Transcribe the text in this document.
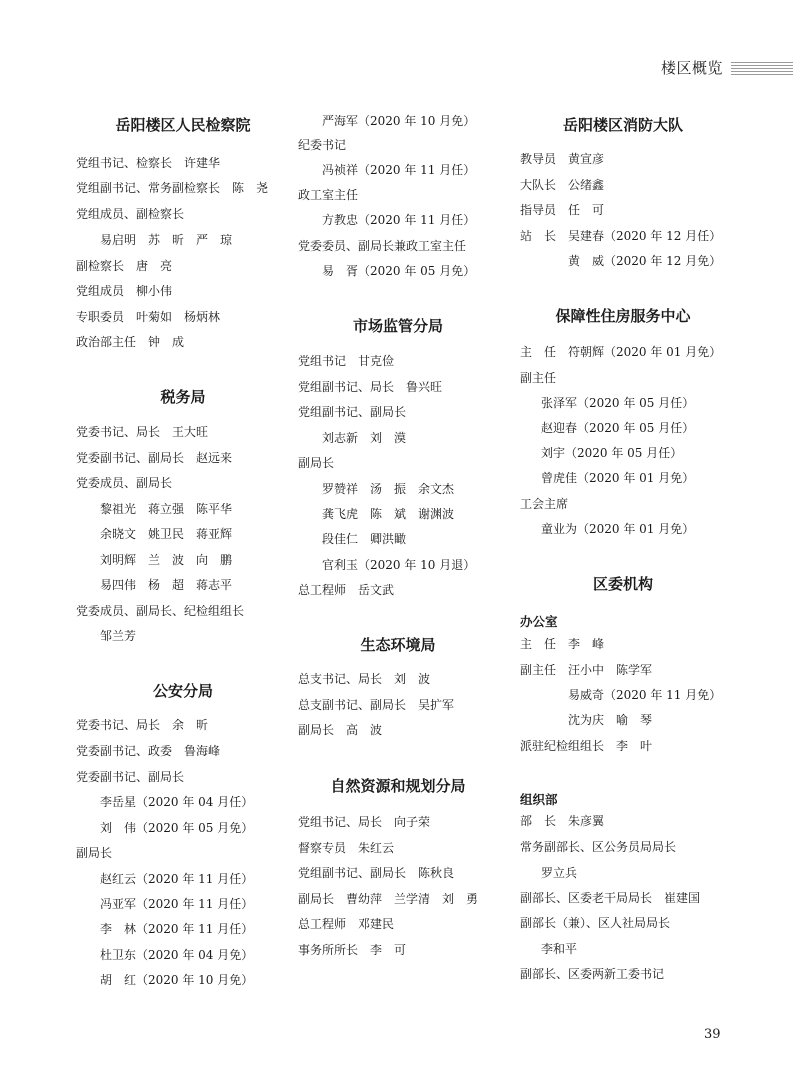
楼区概览
岳阳楼区人民检察院
党组书记、检察长　许建华
党组副书记、常务副检察长　陈　尧
党组成员、副检察长
易启明　苏　昕　严　琼
副检察长　唐　亮
党组成员　柳小伟
专职委员　叶菊如　杨炳林
政治部主任　钟　成
税务局
党委书记、局长　王大旺
党委副书记、副局长　赵远来
党委成员、副局长
黎祖光　蒋立强　陈平华
余晓文　姚卫民　蒋亚辉
刘明辉　兰　波　向　鹏
易四伟　杨　超　蒋志平
党委成员、副局长、纪检组组长
邹兰芳
公安分局
党委书记、局长　余　昕
党委副书记、政委　鲁海峰
党委副书记、副局长
李岳星（2020 年 04 月任）
刘　伟（2020 年 05 月免）
副局长
赵红云（2020 年 11 月任）
冯亚军（2020 年 11 月任）
李　林（2020 年 11 月任）
杜卫东（2020 年 04 月免）
胡　红（2020 年 10 月免）
严海军（2020 年 10 月免）
纪委书记
冯祯祥（2020 年 11 月任）
政工室主任
方教忠（2020 年 11 月任）
党委委员、副局长兼政工室主任
易　胥（2020 年 05 月免）
市场监管分局
党组书记　甘克俭
党组副书记、局长　鲁兴旺
党组副书记、副局长
刘志新　刘　漠
副局长
罗赞祥　汤　振　余文杰
龚飞虎　陈　斌　谢渊波
段佳仁　卿洪瞰
官利玉（2020 年 10 月退）
总工程师　岳文武
生态环境局
总支书记、局长　刘　波
总支副书记、副局长　吴扩军
副局长　高　波
自然资源和规划分局
党组书记、局长　向子荣
督察专员　朱红云
党组副书记、副局长　陈秋良
副局长　曹幼萍　兰学清　刘　勇
总工程师　邓建民
事务所所长　李　可
岳阳楼区消防大队
教导员　黄宣彦
大队长　公绪鑫
指导员　任　可
站　长　吴建春（2020 年 12 月任）
黄　威（2020 年 12 月免）
保障性住房服务中心
主　任　符朝辉（2020 年 01 月免）
副主任
张泽军（2020 年 05 月任）
赵迎春（2020 年 05 月任）
刘宇（2020 年 05 月任）
曾虎佳（2020 年 01 月免）
工会主席
童业为（2020 年 01 月免）
区委机构
办公室
主　任　李　峰
副主任　汪小中　陈学军
易威奇（2020 年 11 月免）
沈为庆　喻　琴
派驻纪检组组长　李　叶
组织部
部　长　朱彦翼
常务副部长、区公务员局局长
罗立兵
副部长、区委老干局局长　崔建国
副部长（兼）、区人社局局长
李和平
副部长、区委两新工委书记
39
